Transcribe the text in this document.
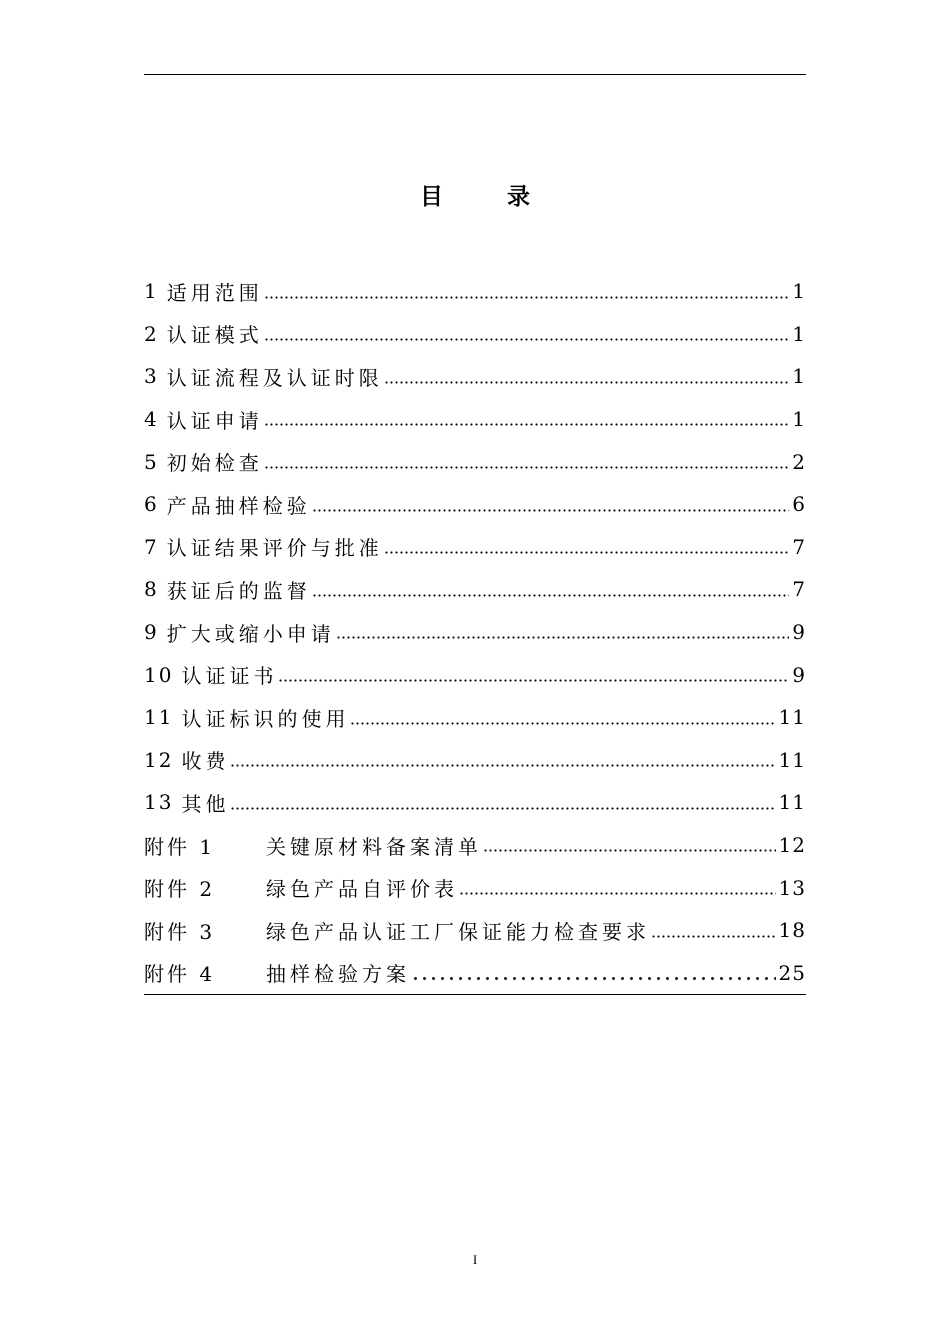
目 录
1 适用范围	1
2 认证模式	1
3 认证流程及认证时限	1
4 认证申请	1
5 初始检查	2
6 产品抽样检验	6
7 认证结果评价与批准	7
8 获证后的监督	7
9 扩大或缩小申请	9
10 认证证书	9
11 认证标识的使用	11
12 收费	11
13 其他	11
附件 1	关键原材料备案清单	12
附件 2	绿色产品自评价表	13
附件 3	绿色产品认证工厂保证能力检查要求	18
附件 4	抽样检验方案	25
I
